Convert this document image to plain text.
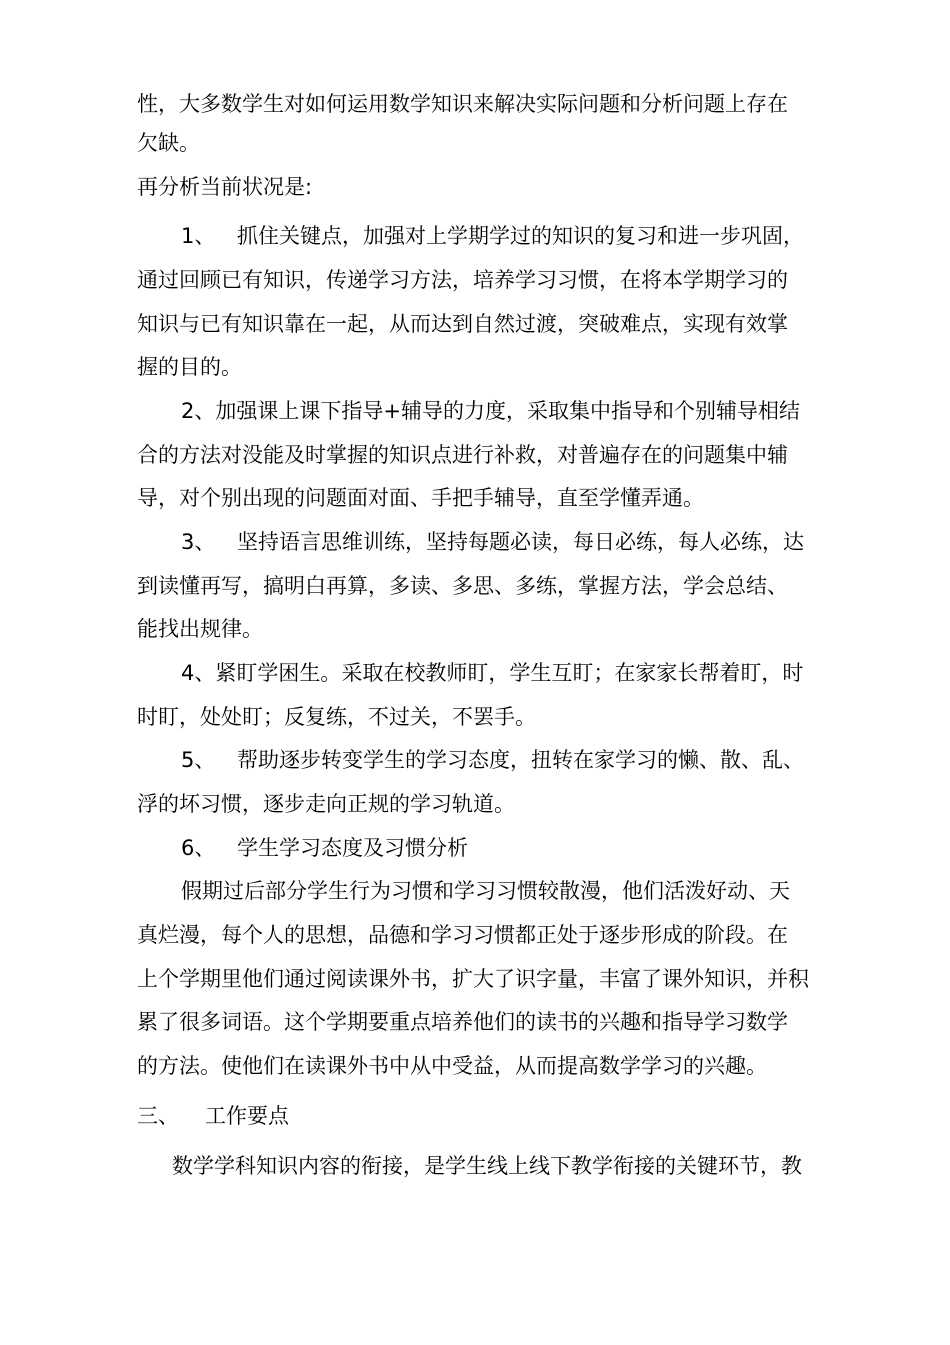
性，大多数学生对如何运用数学知识来解决实际问题和分析问题上存在
欠缺。
再分析当前状况是:
1、 抓住关键点，加强对上学期学过的知识的复习和进一步巩固，
通过回顾已有知识，传递学习方法，培养学习习惯，在将本学期学习的
知识与已有知识靠在一起，从而达到自然过渡，突破难点，实现有效掌
握的目的。
2、加强课上课下指导+辅导的力度，采取集中指导和个别辅导相结
合的方法对没能及时掌握的知识点进行补救，对普遍存在的问题集中辅
导，对个别出现的问题面对面、手把手辅导，直至学懂弄通。
3、 坚持语言思维训练，坚持每题必读，每日必练，每人必练，达
到读懂再写，搞明白再算，多读、多思、多练，掌握方法，学会总结、
能找出规律。
4、紧盯学困生。采取在校教师盯，学生互盯；在家家长帮着盯，时
时盯，处处盯；反复练，不过关，不罢手。
5、 帮助逐步转变学生的学习态度，扭转在家学习的懒、散、乱、
浮的坏习惯，逐步走向正规的学习轨道。
6、 学生学习态度及习惯分析
假期过后部分学生行为习惯和学习习惯较散漫，他们活泼好动、天
真烂漫，每个人的思想，品德和学习习惯都正处于逐步形成的阶段。在
上个学期里他们通过阅读课外书，扩大了识字量，丰富了课外知识，并积
累了很多词语。这个学期要重点培养他们的读书的兴趣和指导学习数学
的方法。使他们在读课外书中从中受益，从而提高数学学习的兴趣。
三、 工作要点
数学学科知识内容的衔接，是学生线上线下教学衔接的关键环节，教
